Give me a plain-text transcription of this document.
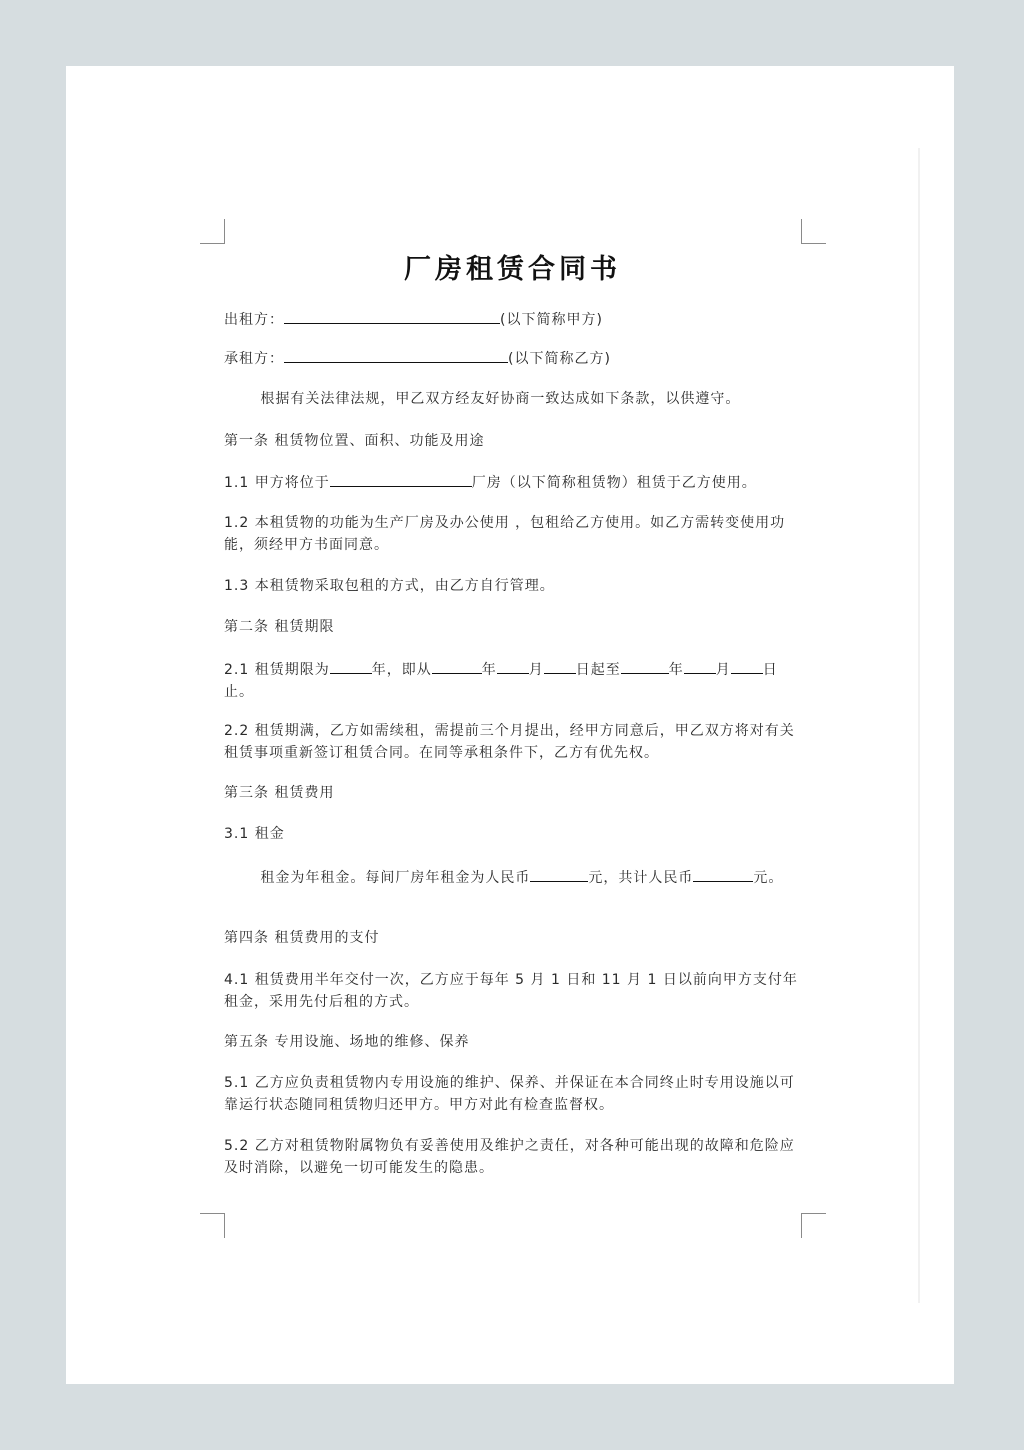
厂房租赁合同书
出租方：	(以下简称甲方)
承租方：	(以下简称乙方)
根据有关法律法规，甲乙双方经友好协商一致达成如下条款，以供遵守。
第一条 租赁物位置、面积、功能及用途
1.1 甲方将位于	厂房（以下简称租赁物）租赁于乙方使用。
1.2 本租赁物的功能为生产厂房及办公使用 ，包租给乙方使用。如乙方需转变使用功能，须经甲方书面同意。
1.3 本租赁物采取包租的方式，由乙方自行管理。
第二条 租赁期限
2.1 租赁期限为	年，即从	年 月 日起至	年 月 日止。
2.2 租赁期满，乙方如需续租，需提前三个月提出，经甲方同意后，甲乙双方将对有关租赁事项重新签订租赁合同。在同等承租条件下，乙方有优先权。
第三条 租赁费用
3.1 租金
租金为年租金。每间厂房年租金为人民币	元，共计人民币	元。
第四条 租赁费用的支付
4.1 租赁费用半年交付一次，乙方应于每年 5 月 1 日和 11 月 1 日以前向甲方支付年租金，采用先付后租的方式。
第五条 专用设施、场地的维修、保养
5.1 乙方应负责租赁物内专用设施的维护、保养、并保证在本合同终止时专用设施以可靠运行状态随同租赁物归还甲方。甲方对此有检查监督权。
5.2 乙方对租赁物附属物负有妥善使用及维护之责任，对各种可能出现的故障和危险应及时消除，以避免一切可能发生的隐患。
